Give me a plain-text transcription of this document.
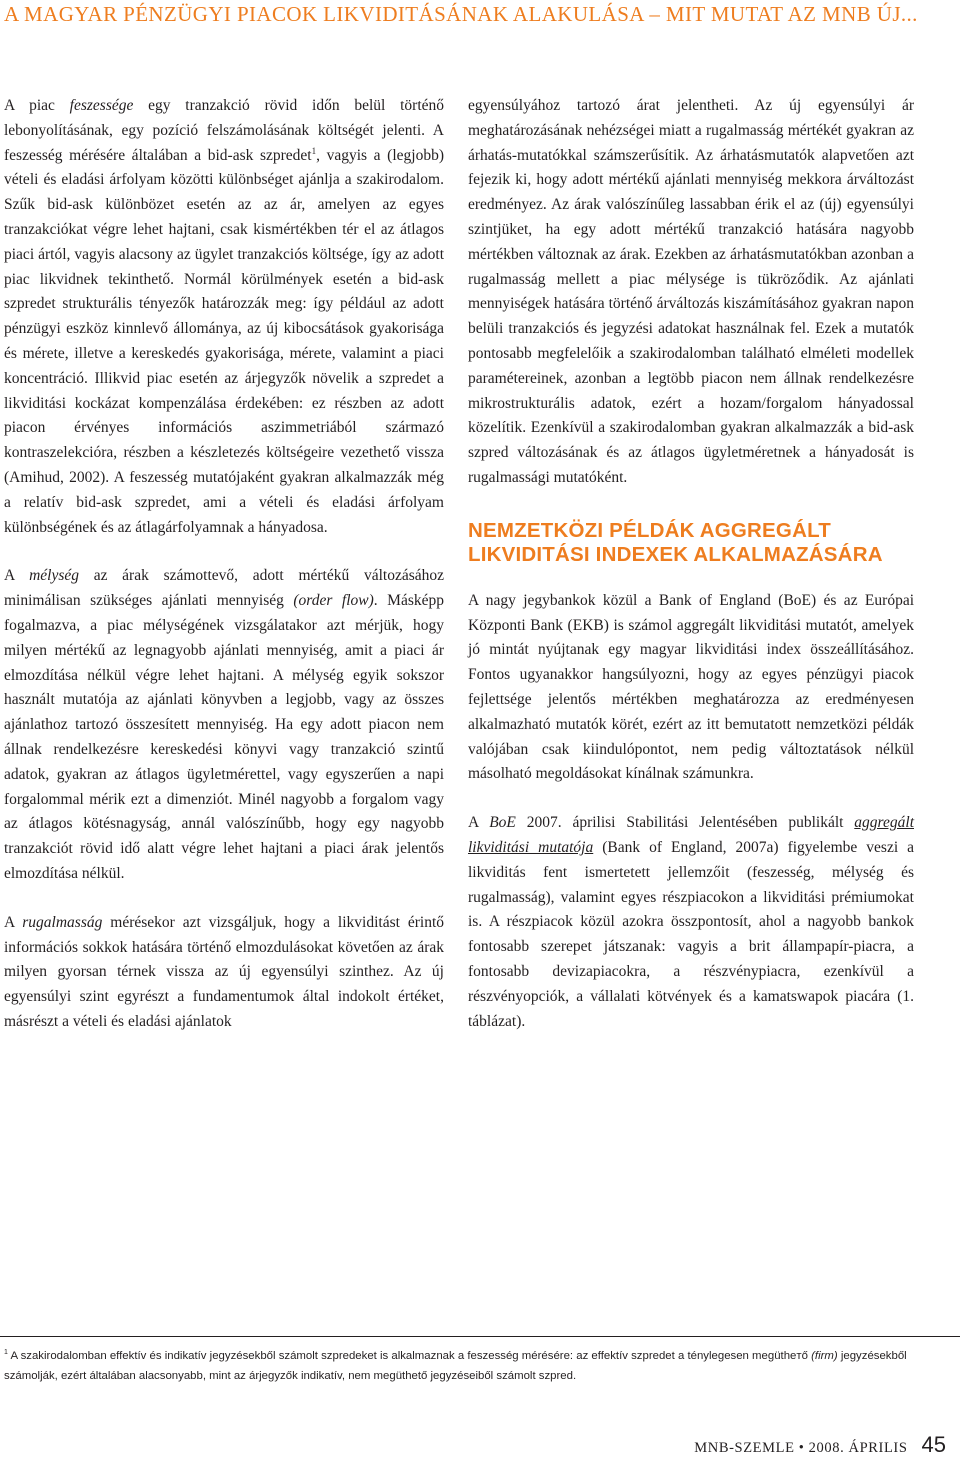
A MAGYAR PÉNZÜGYI PIACOK LIKVIDITÁSÁNAK ALAKULÁSA – MIT MUTAT AZ MNB ÚJ...

A piac feszessége egy tranzakció rövid időn belül történő lebonyolításának, egy pozíció felszámolásának költségét jelenti. A feszesség mérésére általában a bid-ask szpredet$^1$, vagyis a (legjobb) vételi és eladási árfolyam közötti különbséget ajánlja a szakirodalom. Szűk bid-ask különbözet esetén az az ár, amelyen az egyes tranzakciókat végre lehet hajtani, csak kismértékben tér el az átlagos piaci ártól, vagyis alacsony az ügylet tranzakciós költsége, így az adott piac likvidnek tekinthető. Normál körülmények esetén a bid-ask szpredet strukturális tényezők határozzák meg: így például az adott pénzügyi eszköz kinnlevő állománya, az új kibocsátások gyakorisága és mérete, illetve a kereskedés gyakorisága, mérete, valamint a piaci koncentráció. Illikvid piac esetén az árjegyzők növelik a szpredet a likviditási kockázat kompenzálása érdekében: ez részben az adott piacon érvényes információs aszimmetriából származó kontraszelekcióra, részben a készletezés költségeire vezethető vissza (Amihud, 2002). A feszesség mutatójaként gyakran alkalmazzák még a relatív bid-ask szpredet, ami a vételi és eladási árfolyam különbségének és az átlagárfolyamnak a hányadosa.

A mélység az árak számottevő, adott mértékű változásához minimálisan szükséges ajánlati mennyiség (order flow). Másképp fogalmazva, a piac mélységének vizsgálatakor azt mérjük, hogy milyen mértékű az legnagyobb ajánlati mennyiség, amit a piaci ár elmozdítása nélkül végre lehet hajtani. A mélység egyik sokszor használt mutatója az ajánlati könyvben a legjobb, vagy az összes ajánlathoz tartozó összesített mennyiség. Ha egy adott piacon nem állnak rendelkezésre kereskedési könyvi vagy tranzakció szintű adatok, gyakran az átlagos ügyletmérettel, vagy egyszerűen a napi forgalommal mérik ezt a dimenziót. Minél nagyobb a forgalom vagy az átlagos kötésnagyság, annál valószínűbb, hogy egy nagyobb tranzakciót rövid idő alatt végre lehet hajtani a piaci árak jelentős elmozdítása nélkül.

A rugalmasság mérésekor azt vizsgáljuk, hogy a likviditást érintő információs sokkok hatására történő elmozdulásokat követően az árak milyen gyorsan térnek vissza az új egyensúlyi szinthez. Az új egyensúlyi szint egyrészt a fundamentumok által indokolt értéket, másrészt a vételi és eladási ajánlatok

egyensúlyához tartozó árat jelentheti. Az új egyensúlyi ár meghatározásának nehézségei miatt a rugalmasság mértékét gyakran az árhatás-mutatókkal számszerűsítik. Az árhatásmutatók alapvetően azt fejezik ki, hogy adott mértékű ajánlati mennyiség mekkora árváltozást eredményez. Az árak valószínűleg lassabban érik el az (új) egyensúlyi szintjüket, ha egy adott mértékű tranzakció hatására nagyobb mértékben változnak az árak. Ezekben az árhatásmutatókban azonban a rugalmasság mellett a piac mélysége is tükröződik. Az ajánlati mennyiségek hatására történő árváltozás kiszámításához gyakran napon belüli tranzakciós és jegyzési adatokat használnak fel. Ezek a mutatók pontosabb megfelelőik a szakirodalomban található elméleti modellek paramétereinek, azonban a legtöbb piacon nem állnak rendelkezésre mikrostrukturális adatok, ezért a hozam/forgalom hányadossal közelítik. Ezenkívül a szakirodalomban gyakran alkalmazzák a bid-ask szpred változásának és az átlagos ügyletméretnek a hányadosát is rugalmassági mutatóként.

NEMZETKÖZI PÉLDÁK AGGREGÁLT LIKVIDITÁSI INDEXEK ALKALMAZÁSÁRA

A nagy jegybankok közül a Bank of England (BoE) és az Európai Központi Bank (EKB) is számol aggregált likviditási mutatót, amelyek jó mintát nyújtanak egy magyar likviditási index összeállításához. Fontos ugyanakkor hangsúlyozni, hogy az egyes pénzügyi piacok fejlettsége jelentős mértékben meghatározza az eredményesen alkalmazható mutatók körét, ezért az itt bemutatott nemzetközi példák valójában csak kiindulópontot, nem pedig változtatások nélkül másolható megoldásokat kínálnak számunkra.

A BoE 2007. áprilisi Stabilitási Jelentésében publikált aggregált likviditási mutatója (Bank of England, 2007a) figyelembe veszi a likviditás fent ismertetett jellemzőit (feszesség, mélység és rugalmasság), valamint egyes részpiacokon a likviditási prémiumokat is. A részpiacok közül azokra összpontosít, ahol a nagyobb bankok fontosabb szerepet játszanak: vagyis a brit állampapír-piacra, a fontosabb devizapiacokra, a részvénypiacra, ezenkívül a részvényopciók, a vállalati kötvények és a kamatswapok piacára (1. táblázat).

$^1$ A szakirodalomban effektív és indikatív jegyzésekből számolt szpredeket is alkalmaznak a feszesség mérésére: az effektív szpredet a ténylegesen megütheтő (firm) jegyzésekből számolják, ezért általában alacsonyabb, mint az árjegyzők indikatív, nem megüthető jegyzéseiből számolt szpred.
MNB-SZEMLE • 2008. ÁPRILIS 45
